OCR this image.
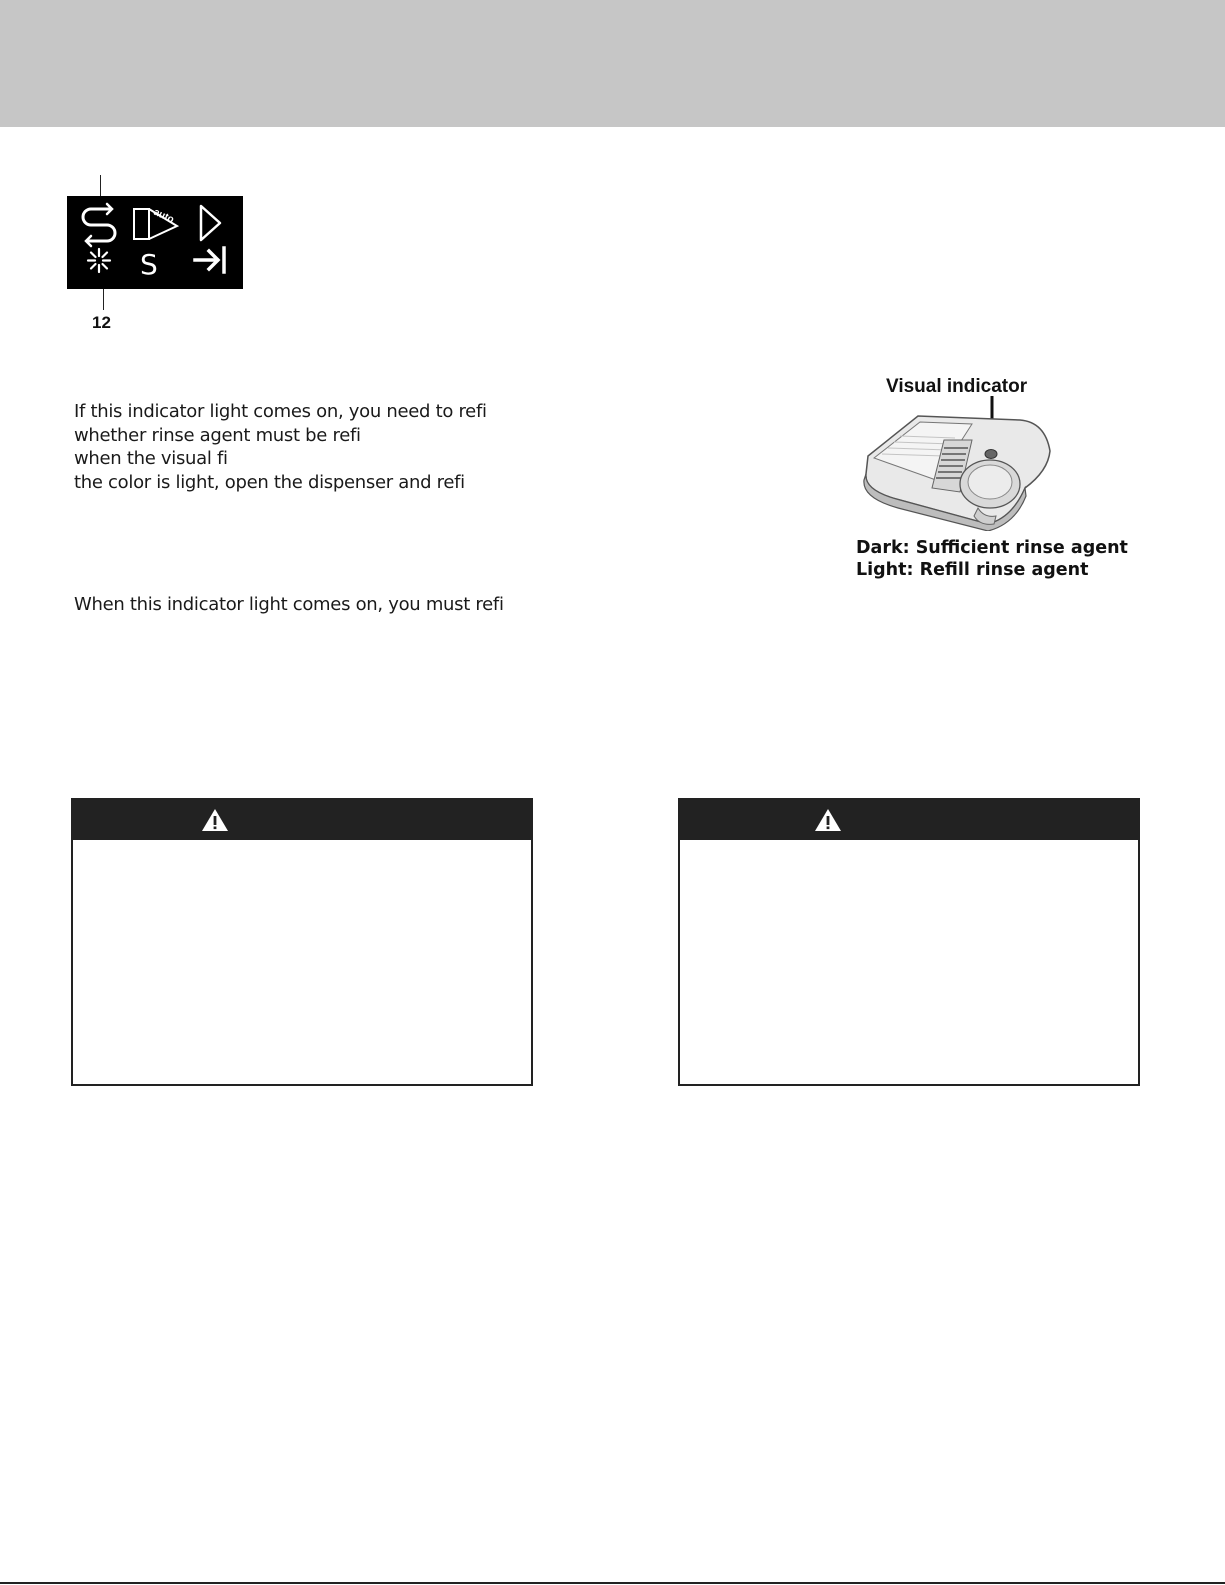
auto
S
12
If this indicator light comes on, you need to refi
whether rinse agent must be refi
when the visual fi
the color is light, open the dispenser and refi
When this indicator light comes on, you must refi
Visual indicator
Dark: Sufficient rinse agent
Light: Refill rinse agent
